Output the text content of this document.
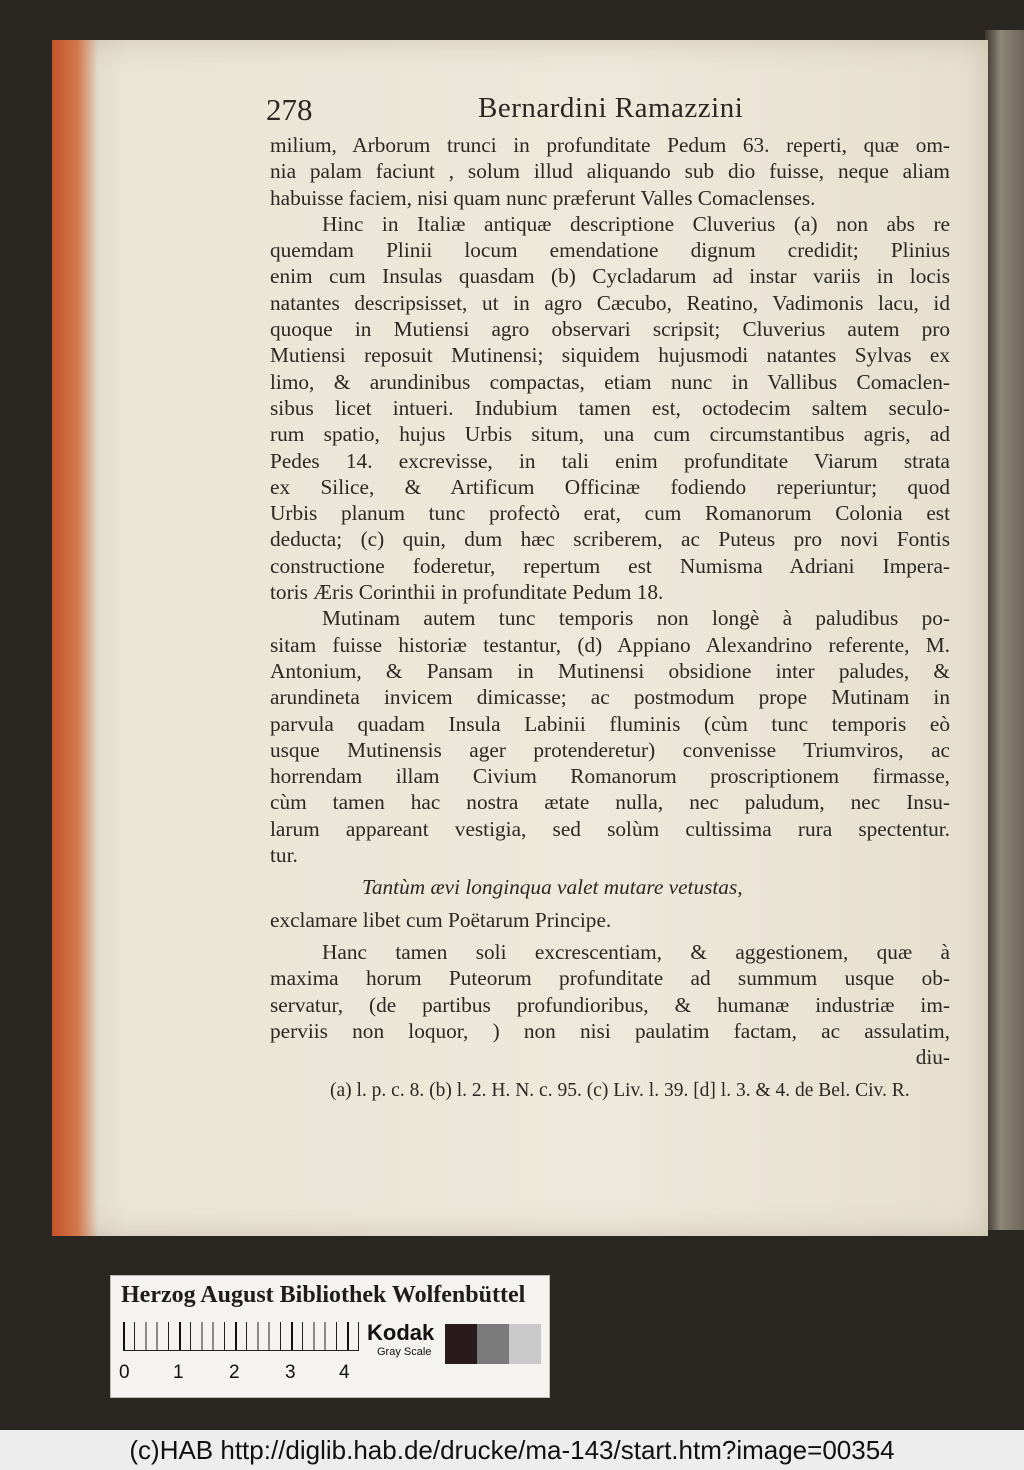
278	Bernardini Ramazzini
milium, Arborum trunci in profunditate Pedum 63. reperti, quæ om-
nia palam faciunt , solum illud aliquando sub dio fuisse, neque aliam
habuisse faciem, nisi quam nunc præferunt Valles Comaclenses.
Hinc in Italiæ antiquæ descriptione Cluverius (a) non abs re
quemdam Plinii locum emendatione dignum credidit; Plinius
enim cum Insulas quasdam (b) Cycladarum ad instar variis in locis
natantes descripsisset, ut in agro Cæcubo, Reatino, Vadimonis lacu, id
quoque in Mutiensi agro observari scripsit; Cluverius autem pro
Mutiensi reposuit Mutinensi; siquidem hujusmodi natantes Sylvas ex
limo, & arundinibus compactas, etiam nunc in Vallibus Comaclen-
sibus licet intueri. Indubium tamen est, octodecim saltem seculo-
rum spatio, hujus Urbis situm, una cum circumstantibus agris, ad
Pedes 14. excrevisse, in tali enim profunditate Viarum strata
ex Silice, & Artificum Officinæ fodiendo reperiuntur; quod
Urbis planum tunc profectò erat, cum Romanorum Colonia est
deducta; (c) quin, dum hæc scriberem, ac Puteus pro novi Fontis
constructione foderetur, repertum est Numisma Adriani Impera-
toris Æris Corinthii in profunditate Pedum 18.
Mutinam autem tunc temporis non longè à paludibus po-
sitam fuisse historiæ testantur, (d) Appiano Alexandrino referente, M.
Antonium, & Pansam in Mutinensi obsidione inter paludes, &
arundineta invicem dimicasse; ac postmodum prope Mutinam in
parvula quadam Insula Labinii fluminis (cùm tunc temporis eò
usque Mutinensis ager protenderetur) convenisse Triumviros, ac
horrendam illam Civium Romanorum proscriptionem firmasse,
cùm tamen hac nostra ætate nulla, nec paludum, nec Insu-
larum appareant vestigia, sed solùm cultissima rura spectentur.
tur.
Tantùm ævi longinqua valet mutare vetustas,
exclamare libet cum Poëtarum Principe.
Hanc tamen soli excrescentiam, & aggestionem, quæ à
maxima horum Puteorum profunditate ad summum usque ob-
servatur, (de partibus profundioribus, & humanæ industriæ im-
perviis non loquor, ) non nisi paulatim factam, ac assulatim,
diu-
(a) l. p. c. 8. (b) l. 2. H. N. c. 95. (c) Liv. l. 39. [d] l. 3. & 4. de Bel. Civ. R.
Herzog August Bibliothek Wolfenbüttel
0 1 2 3 4
Kodak
Gray Scale
(c)HAB http://diglib.hab.de/drucke/ma-143/start.htm?image=00354
